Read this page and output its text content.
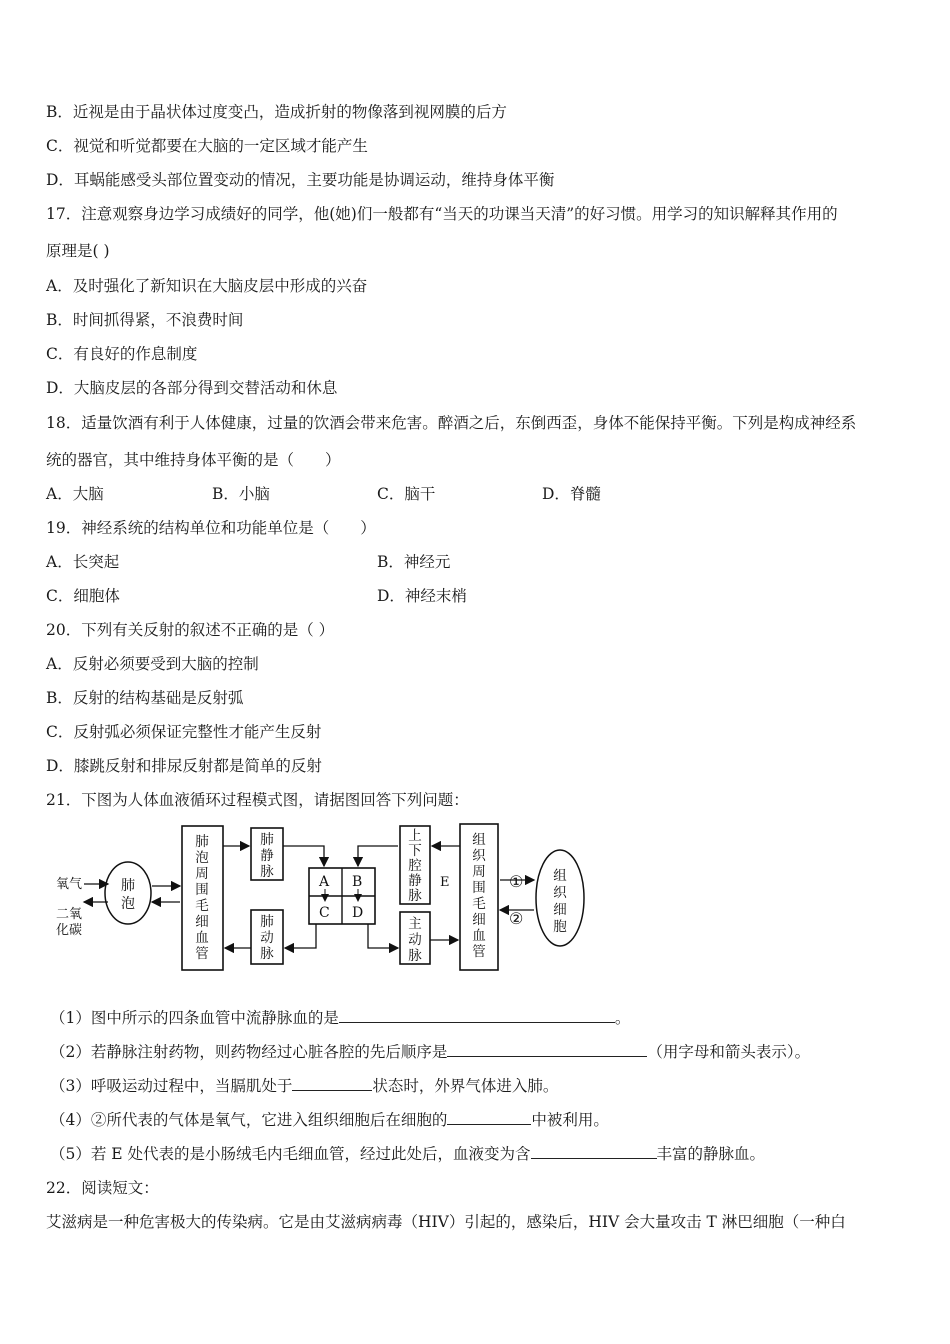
B．近视是由于晶状体过度变凸，造成折射的物像落到视网膜的后方
C．视觉和听觉都要在大脑的一定区域才能产生
D．耳蜗能感受头部位置变动的情况，主要功能是协调运动，维持身体平衡
17．注意观察身边学习成绩好的同学，他(她)们一般都有“当天的功课当天清”的好习惯。用学习的知识解释其作用的
原理是( )
A．及时强化了新知识在大脑皮层中形成的兴奋
B．时间抓得紧，不浪费时间
C．有良好的作息制度
D．大脑皮层的各部分得到交替活动和休息
18．适量饮酒有利于人体健康，过量的饮酒会带来危害。醉酒之后，东倒西歪，身体不能保持平衡。下列是构成神经系
统的器官，其中维持身体平衡的是（　　）
A．大脑	B．小脑	C．脑干	D．脊髓
19．神经系统的结构单位和功能单位是（　　）
A．长突起	B．神经元
C．细胞体	D．神经末梢
20．下列有关反射的叙述不正确的是（ ）
A．反射必须要受到大脑的控制
B．反射的结构基础是反射弧
C．反射弧必须保证完整性才能产生反射
D．膝跳反射和排尿反射都是简单的反射
21．下图为人体血液循环过程模式图，请据图回答下列问题：
氧气
二氧
化碳
肺
泡
肺
泡
周
围
毛
细
血
管
肺
静
脉
肺
动
脉
A B
C D
上
下
腔
静
脉
主
动
脉
E
组
织
周
围
毛
细
血
管
①
②
组
织
细
胞
（1）图中所示的四条血管中流静脉血的是	。
（2）若静脉注射药物，则药物经过心脏各腔的先后顺序是	（用字母和箭头表示）。
（3）呼吸运动过程中，当膈肌处于	状态时，外界气体进入肺。
（4）②所代表的气体是氧气，它进入组织细胞后在细胞的	中被利用。
（5）若 E 处代表的是小肠绒毛内毛细血管，经过此处后，血液变为含	丰富的静脉血。
22．阅读短文：
艾滋病是一种危害极大的传染病。它是由艾滋病病毒（HIV）引起的，感染后，HIV 会大量攻击 T 淋巴细胞（一种白
